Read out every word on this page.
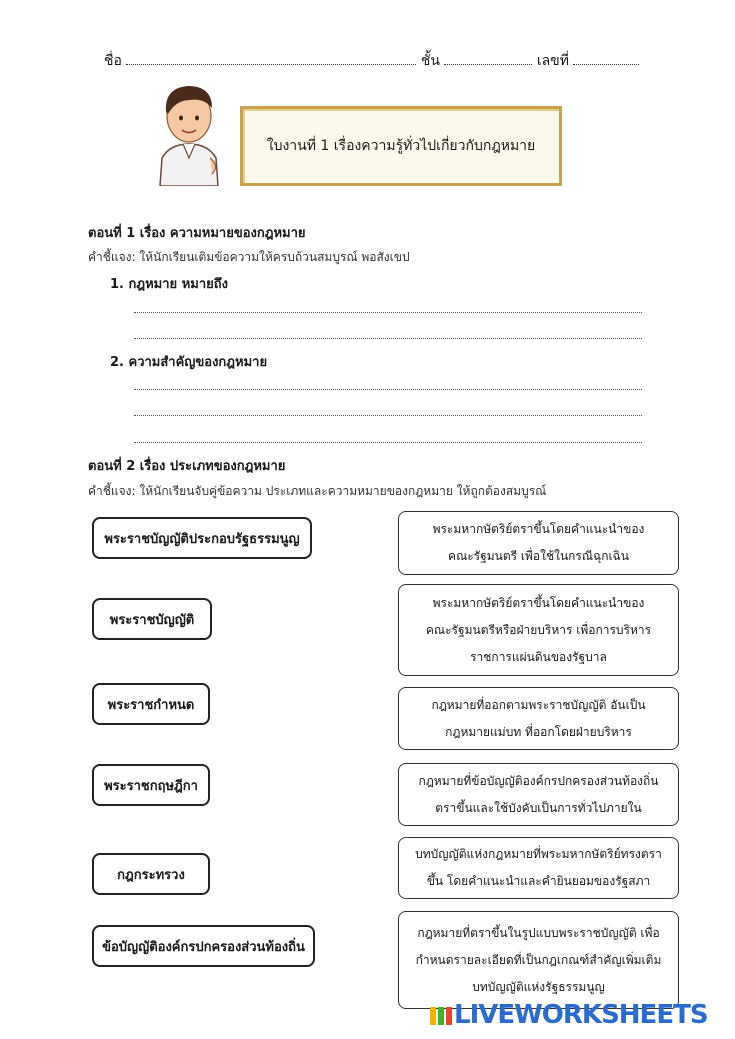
ชื่อ	ชั้น	เลขที่
ใบงานที่ 1 เรื่องความรู้ทั่วไปเกี่ยวกับกฎหมาย
ตอนที่ 1 เรื่อง ความหมายของกฎหมาย
คำชี้แจง: ให้นักเรียนเติมข้อความให้ครบถ้วนสมบูรณ์ พอสังเขป
1. กฎหมาย หมายถึง
2. ความสำคัญของกฎหมาย
ตอนที่ 2 เรื่อง ประเภทของกฎหมาย
คำชี้แจง: ให้นักเรียนจับคู่ข้อความ ประเภทและความหมายของกฎหมาย ให้ถูกต้องสมบูรณ์
พระราชบัญญัติประกอบรัฐธรรมนูญ
พระราชบัญญัติ
พระราชกำหนด
พระราชกฤษฎีกา
กฎกระทรวง
ข้อบัญญัติองค์กรปกครองส่วนท้องถิ่น
พระมหากษัตริย์ตราขึ้นโดยคำแนะนำของ
คณะรัฐมนตรี เพื่อใช้ในกรณีฉุกเฉิน
พระมหากษัตริย์ตราขึ้นโดยคำแนะนำของ
คณะรัฐมนตรีหรือฝ่ายบริหาร เพื่อการบริหาร
ราชการแผ่นดินของรัฐบาล
กฎหมายที่ออกตามพระราชบัญญัติ อันเป็น
กฎหมายแม่บท ที่ออกโดยฝ่ายบริหาร
กฎหมายที่ข้อบัญญัติองค์กรปกครองส่วนท้องถิ่น
ตราขึ้นและใช้บังคับเป็นการทั่วไปภายใน
บทบัญญัติแห่งกฎหมายที่พระมหากษัตริย์ทรงตรา
ขึ้น โดยคำแนะนำและคำยินยอมของรัฐสภา
กฎหมายที่ตราขึ้นในรูปแบบพระราชบัญญัติ เพื่อ
กำหนดรายละเอียดที่เป็นกฎเกณฑ์สำคัญเพิ่มเติม
บทบัญญัติแห่งรัฐธรรมนูญ
LIVEWORKSHEETS
